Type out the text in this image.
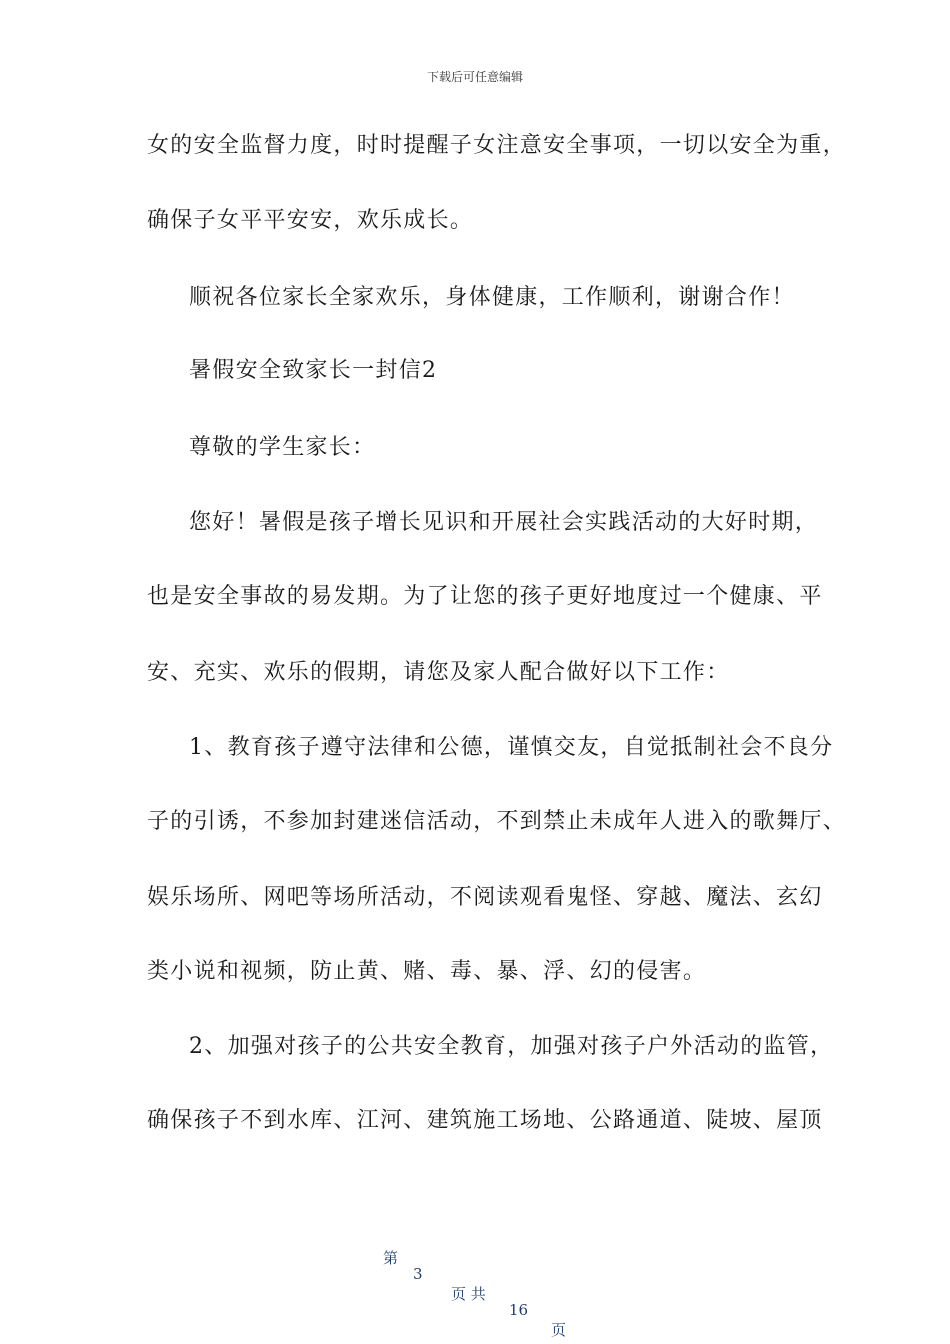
下载后可任意编辑
女的安全监督力度，时时提醒子女注意安全事项，一切以安全为重，
确保子女平平安安，欢乐成长。
顺祝各位家长全家欢乐，身体健康，工作顺利，谢谢合作！
暑假安全致家长一封信2
尊敬的学生家长：
您好！暑假是孩子增长见识和开展社会实践活动的大好时期，
也是安全事故的易发期。为了让您的孩子更好地度过一个健康、平
安、充实、欢乐的假期，请您及家人配合做好以下工作：
1、教育孩子遵守法律和公德，谨慎交友，自觉抵制社会不良分
子的引诱，不参加封建迷信活动，不到禁止未成年人进入的歌舞厅、
娱乐场所、网吧等场所活动，不阅读观看鬼怪、穿越、魔法、玄幻
类小说和视频，防止黄、赌、毒、暴、浮、幻的侵害。
2、加强对孩子的公共安全教育，加强对孩子户外活动的监管，
确保孩子不到水库、江河、建筑施工场地、公路通道、陡坡、屋顶

第

3

页 共

16

页
